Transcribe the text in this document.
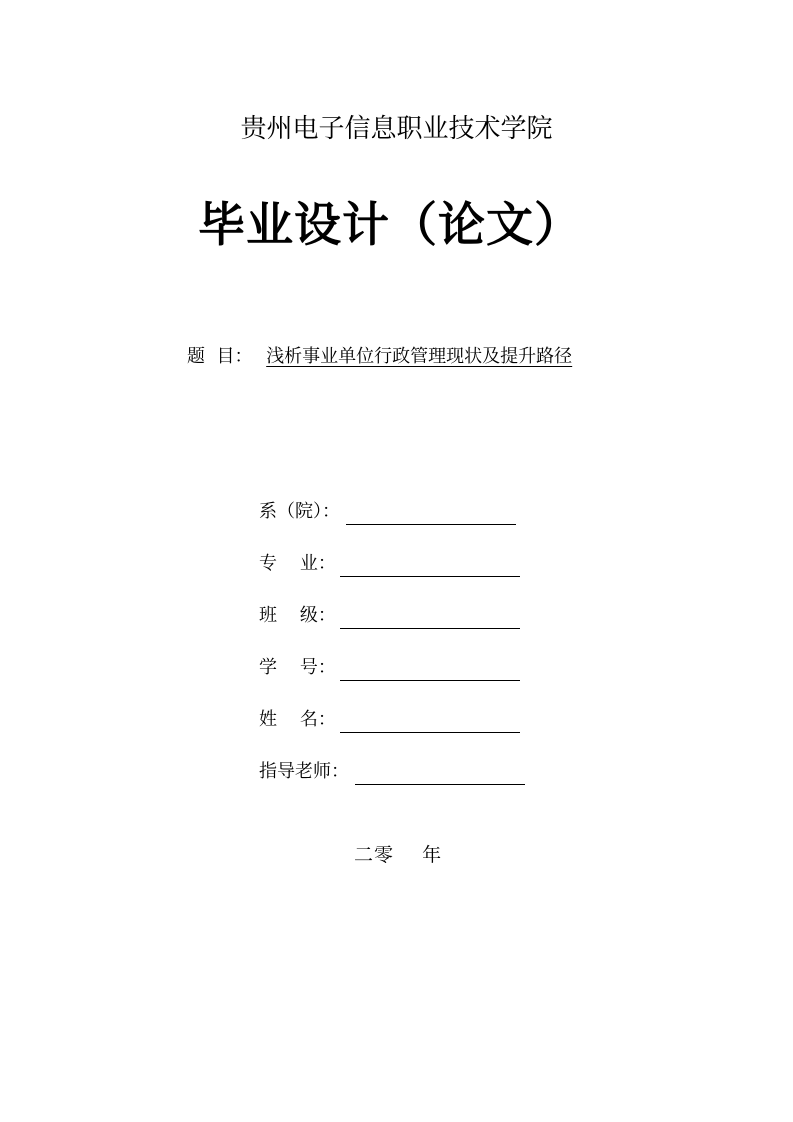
贵州电子信息职业技术学院
毕业设计（论文）
题  目： 浅析事业单位行政管理现状及提升路径
系（院）：
专    业：
班    级：
学    号：
姓    名：
指导老师：
二零    年
